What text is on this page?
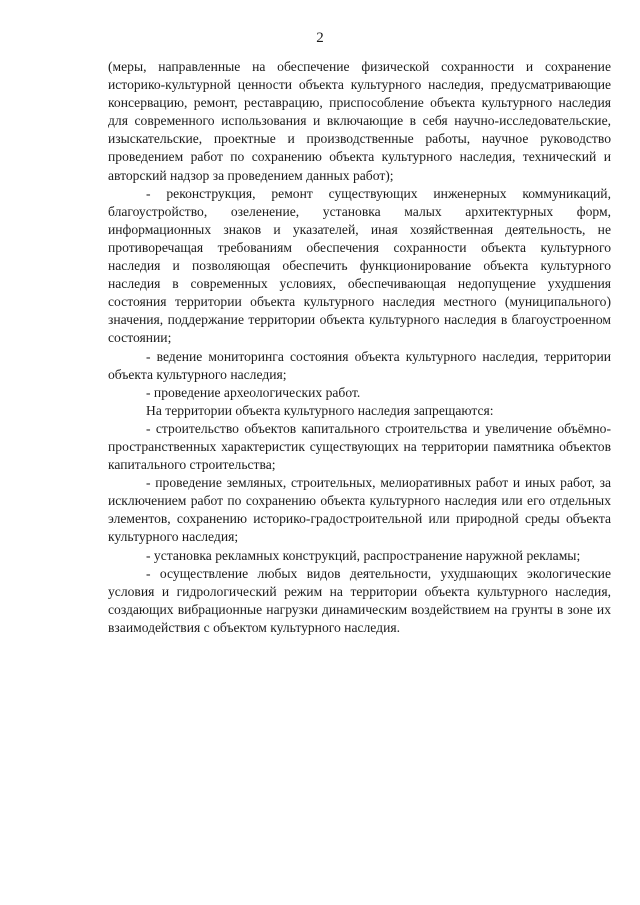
2

(меры, направленные на обеспечение физической сохранности и сохранение историко-культурной ценности объекта культурного наследия, предусматривающие консервацию, ремонт, реставрацию, приспособление объекта культурного наследия для современного использования и включающие в себя научно-исследовательские, изыскательские, проектные и производственные работы, научное руководство проведением работ по сохранению объекта культурного наследия, технический и авторский надзор за проведением данных работ);

- реконструкция, ремонт существующих инженерных коммуникаций, благоустройство, озеленение, установка малых архитектурных форм, информационных знаков и указателей, иная хозяйственная деятельность, не противоречащая требованиям обеспечения сохранности объекта культурного наследия и позволяющая обеспечить функционирование объекта культурного наследия в современных условиях, обеспечивающая недопущение ухудшения состояния территории объекта культурного наследия местного (муниципального) значения, поддержание территории объекта культурного наследия в благоустроенном состоянии;

- ведение мониторинга состояния объекта культурного наследия, территории объекта культурного наследия;

- проведение археологических работ.

На территории объекта культурного наследия запрещаются:

- строительство объектов капитального строительства и увеличение объёмно-пространственных характеристик существующих на территории памятника объектов капитального строительства;

- проведение земляных, строительных, мелиоративных работ и иных работ, за исключением работ по сохранению объекта культурного наследия или его отдельных элементов, сохранению историко-градостроительной или природной среды объекта культурного наследия;

- установка рекламных конструкций, распространение наружной рекламы;

- осуществление любых видов деятельности, ухудшающих экологические условия и гидрологический режим на территории объекта культурного наследия, создающих вибрационные нагрузки динамическим воздействием на грунты в зоне их взаимодействия с объектом культурного наследия.
